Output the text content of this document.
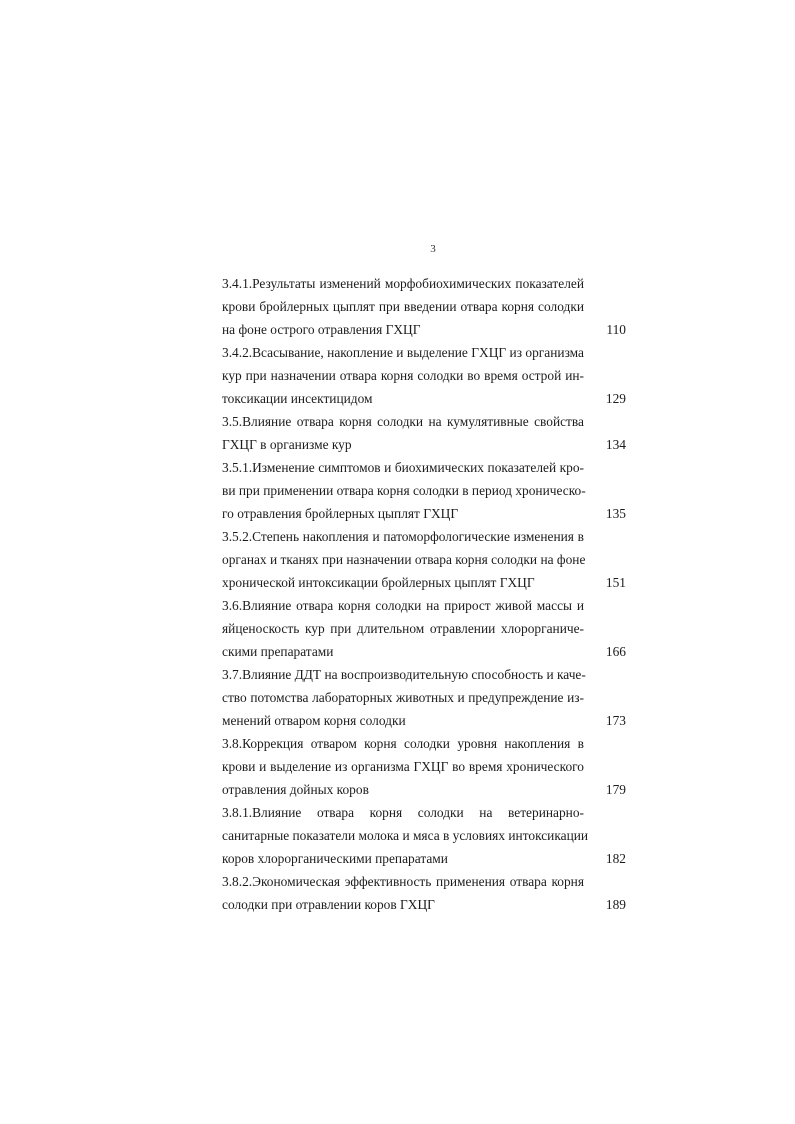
3
3.4.1.Результаты изменений морфобиохимических показателей
крови бройлерных цыплят при введении отвара корня солодки
на фоне острого отравления ГХЦГ	110
3.4.2.Всасывание, накопление и выделение ГХЦГ из организма
кур при назначении отвара корня солодки во время острой ин-
токсикации инсектицидом	129
3.5.Влияние отвара корня солодки на кумулятивные свойства
ГХЦГ в организме кур	134
3.5.1.Изменение симптомов и биохимических показателей кро-
ви при применении отвара корня солодки в период хроническо-
го отравления бройлерных цыплят ГХЦГ	135
3.5.2.Степень накопления и патоморфологические изменения в
органах и тканях при назначении отвара корня солодки на фоне
хронической интоксикации бройлерных цыплят ГХЦГ	151
3.6.Влияние отвара корня солодки на прирост живой массы и
яйценоскость кур при длительном отравлении хлорорганиче-
скими препаратами	166
3.7.Влияние ДДТ на воспроизводительную способность и каче-
ство потомства лабораторных животных и предупреждение из-
менений отваром корня солодки	173
3.8.Коррекция отваром корня солодки уровня накопления в
крови и выделение из организма ГХЦГ во время хронического
отравления дойных коров	179
3.8.1.Влияние отвара корня солодки на ветеринарно-
санитарные показатели молока и мяса в условиях интоксикации
коров хлорорганическими препаратами	182
3.8.2.Экономическая эффективность применения отвара корня
солодки при отравлении коров ГХЦГ	189
